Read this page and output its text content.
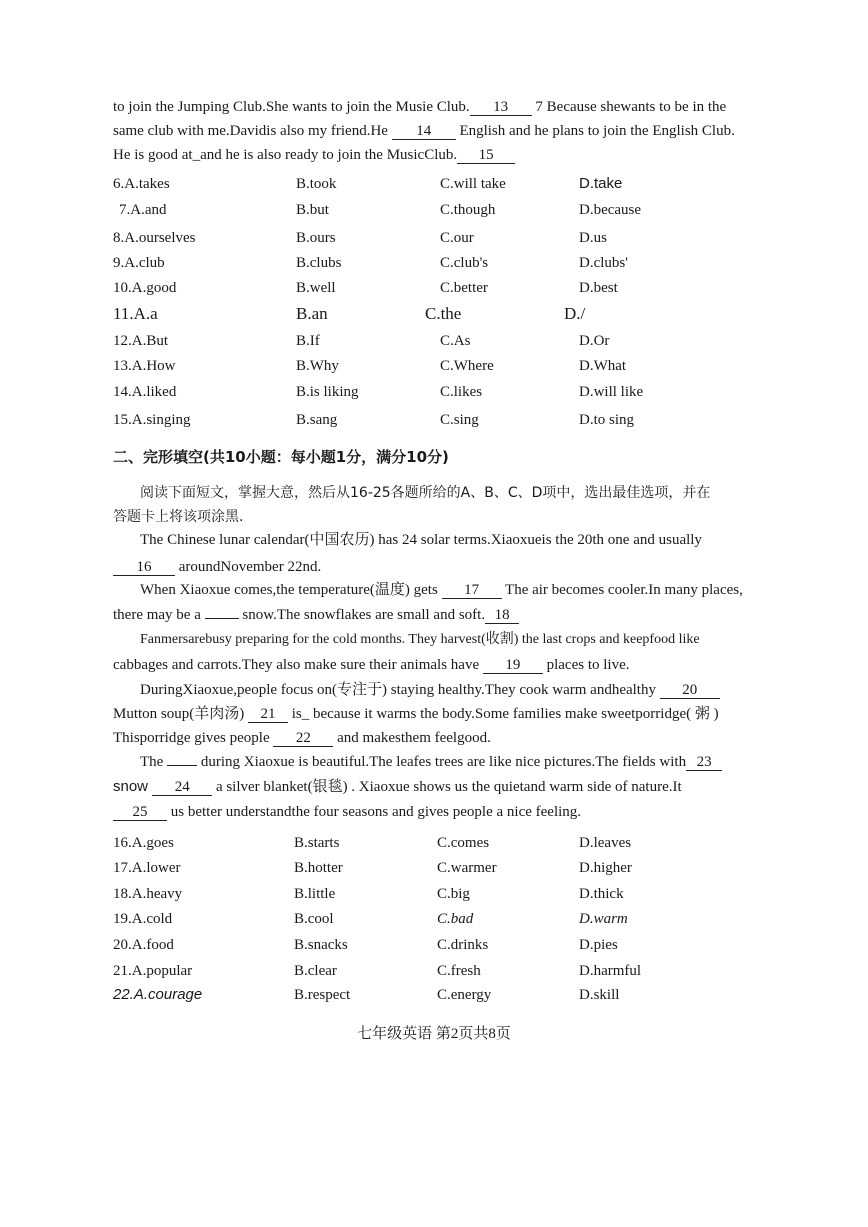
to join the Jumping Club.She wants to join the Musie Club. 13 7 Because shewants to be in the
same club with me.Davidis also my friend.He 14 English and he plans to join the English Club.
He is good at_and he is also ready to join the MusicClub. 15
6.A.takes	B.took	C.will take	D.take
7.A.and	B.but	C.though	D.because
8.A.ourselves	B.ours	C.our	D.us
9.A.club	B.clubs	C.club's	D.clubs'
10.A.good	B.well	C.better	D.best
11.A.a	B.an	C.the	D./
12.A.But	B.If	C.As	D.Or
13.A.How	B.Why	C.Where	D.What
14.A.liked	B.is liking	C.likes	D.will like
15.A.singing	B.sang	C.sing	D.to sing
二、完形填空(共10小题：每小题1分，满分10分)
阅读下面短文，掌握大意，然后从16-25各题所给的A、B、C、D项中，选出最佳选项，并在
答题卡上将该项涂黑.
The Chinese lunar calendar(中国农历) has 24 solar terms.Xiaoxueis the 20th one and usually
16 aroundNovember 22nd.
When Xiaoxue comes,the temperature(温度) gets 17 The air becomes cooler.In many places,
there may be a  snow.The snowflakes are small and soft. 18
Fanmersarebusy preparing for the cold months. They harvest(收割) the last crops and keepfood like
cabbages and carrots.They also make sure their animals have 19 places to live.
DuringXiaoxue,people focus on(专注于) staying healthy.They cook warm andhealthy 20
Mutton soup(羊肉汤) 21 is_ because it warms the body.Some families make sweetporridge( 粥 )
Thisporridge gives people 22 and makesthem feelgood.
The  during Xiaoxue is beautiful.The leafes trees are like nice pictures.The fields with 23
snow 24 a silver blanket(银毯) . Xiaoxue shows us the quietand warm side of nature.It
25 us better understandthe four seasons and gives people a nice feeling.
16.A.goes	B.starts	C.comes	D.leaves
17.A.lower	B.hotter	C.warmer	D.higher
18.A.heavy	B.little	C.big	D.thick
19.A.cold	B.cool	C.bad	D.warm
20.A.food	B.snacks	C.drinks	D.pies
21.A.popular	B.clear	C.fresh	D.harmful
22.A.courage	B.respect	C.energy	D.skill
七年级英语 第2页共8页
